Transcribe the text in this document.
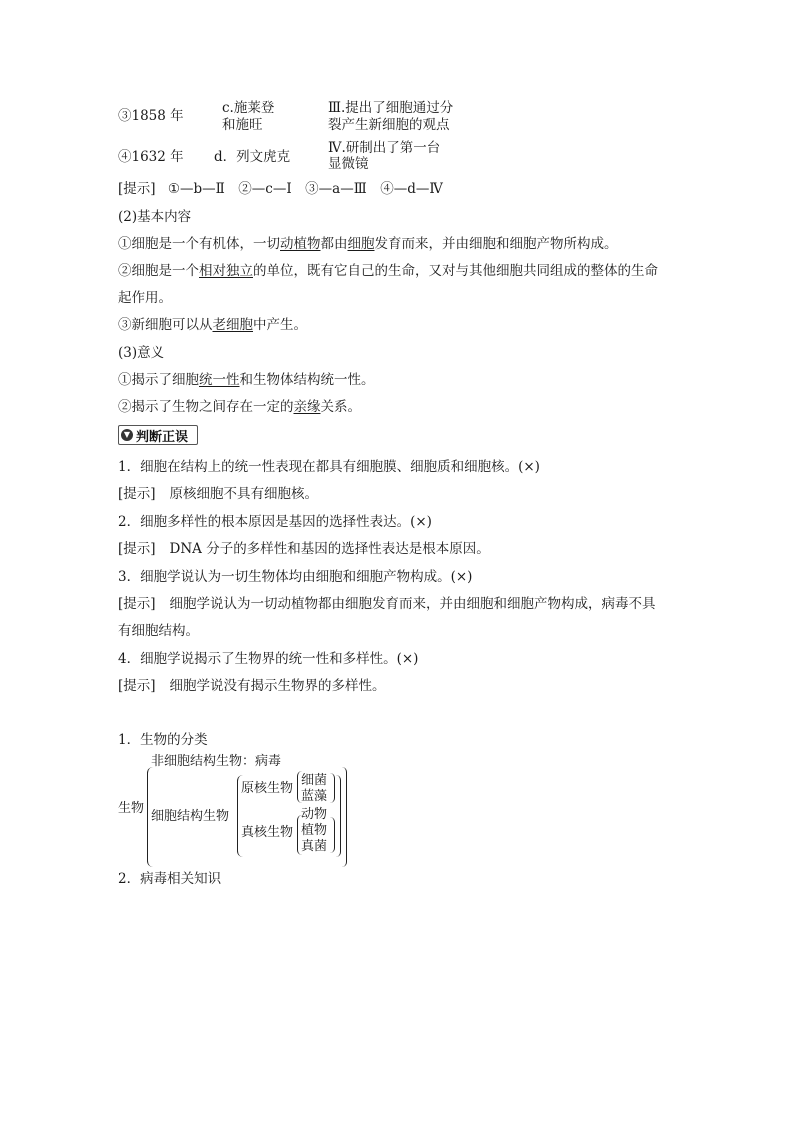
③1858 年	c.施莱登
和施旺
Ⅲ.提出了细胞通过分
裂产生新细胞的观点
④1632 年 d．列文虎克
Ⅳ.研制出了第一台
显微镜
[提示] ①—b—Ⅱ　②—c—Ⅰ　③—a—Ⅲ　④—d—Ⅳ
(2)基本内容
①细胞是一个有机体，一切动植物都由细胞发育而来，并由细胞和细胞产物所构成。
②细胞是一个相对独立的单位，既有它自己的生命，又对与其他细胞共同组成的整体的生命
起作用。
③新细胞可以从老细胞中产生。
(3)意义
①揭示了细胞统一性和生物体结构统一性。
②揭示了生物之间存在一定的亲缘关系。
▼ 判断正误
1．细胞在结构上的统一性表现在都具有细胞膜、细胞质和细胞核。(×)
[提示] 原核细胞不具有细胞核。
2．细胞多样性的根本原因是基因的选择性表达。(×)
[提示] DNA 分子的多样性和基因的选择性表达是根本原因。
3．细胞学说认为一切生物体均由细胞和细胞产物构成。(×)
[提示] 细胞学说认为一切动植物都由细胞发育而来，并由细胞和细胞产物构成，病毒不具
有细胞结构。
4．细胞学说揭示了生物界的统一性和多样性。(×)
[提示] 细胞学说没有揭示生物界的多样性。
1．生物的分类
非细胞结构生物：病毒
生物
细胞结构生物
原核生物
真核生物
细菌
蓝藻
动物
植物
真菌
2．病毒相关知识
